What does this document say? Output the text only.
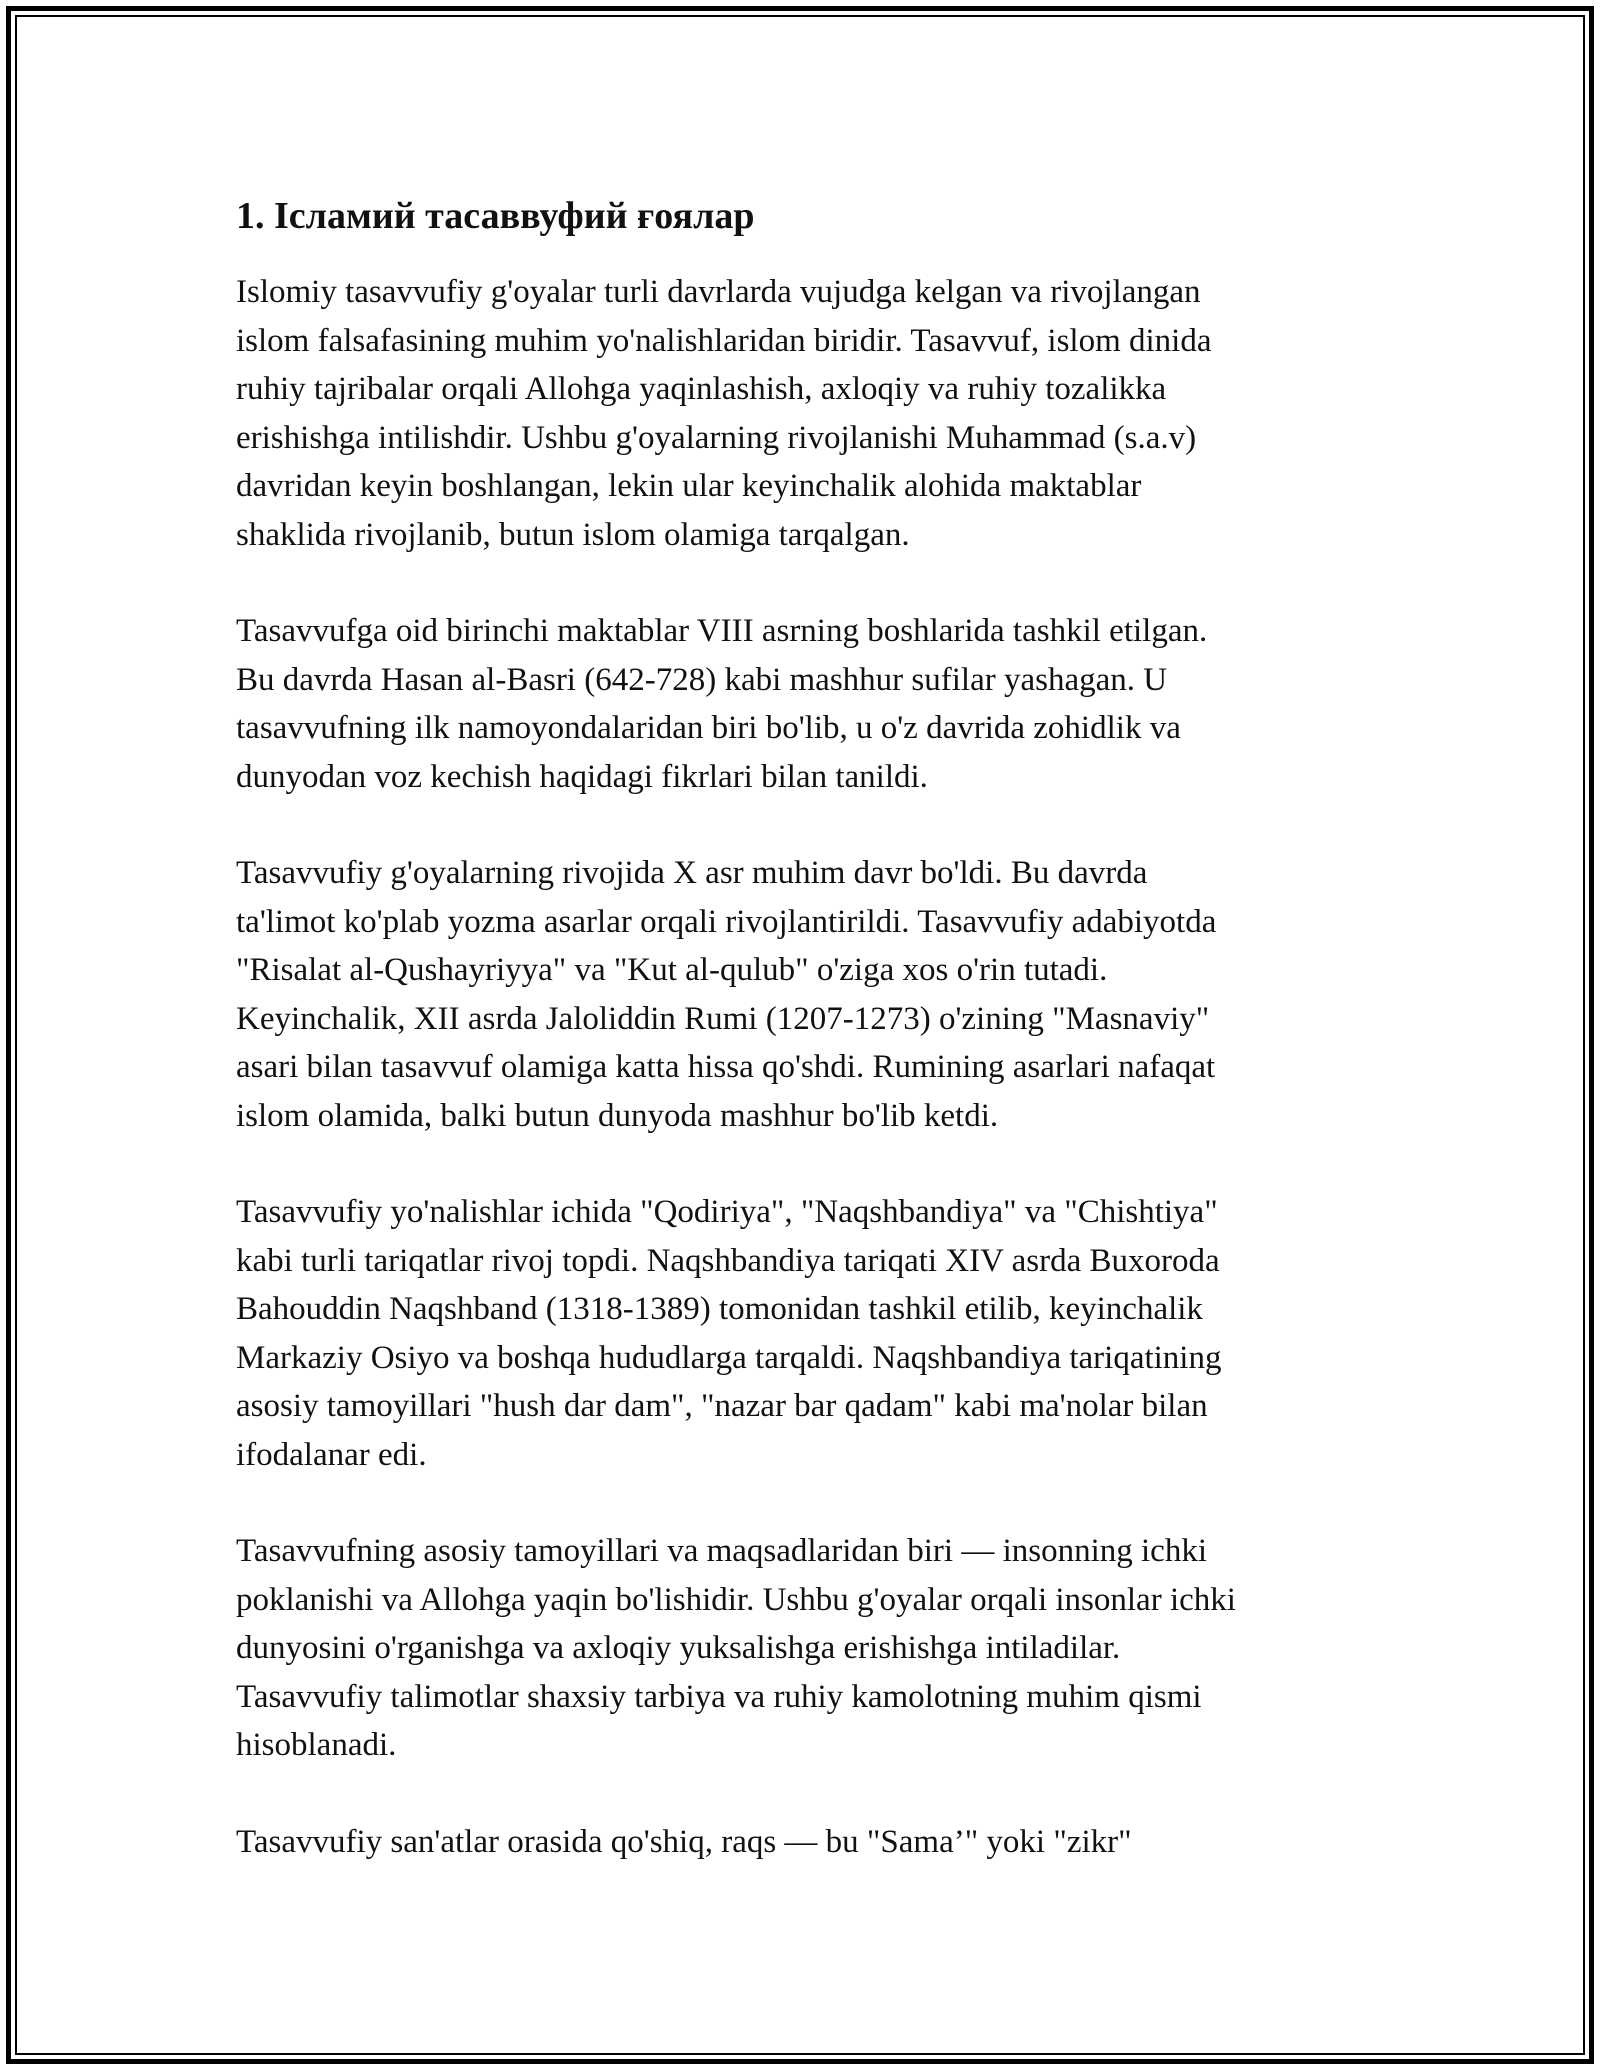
1. Іcламий тасаввуфий ғоялар
Islomiy tasavvufiy g'oyalar turli davrlarda vujudga kelgan va rivojlangan
islom falsafasining muhim yo'nalishlaridan biridir. Tasavvuf, islom dinida
ruhiy tajribalar orqali Allohga yaqinlashish, axloqiy va ruhiy tozalikka
erishishga intilishdir. Ushbu g'oyalarning rivojlanishi Muhammad (s.a.v)
davridan keyin boshlangan, lekin ular keyinchalik alohida maktablar
shaklida rivojlanib, butun islom olamiga tarqalgan.
Tasavvufga oid birinchi maktablar VIII asrning boshlarida tashkil etilgan.
Bu davrda Hasan al-Basri (642-728) kabi mashhur sufilar yashagan. U
tasavvufning ilk namoyondalaridan biri bo'lib, u o'z davrida zohidlik va
dunyodan voz kechish haqidagi fikrlari bilan tanildi.
Tasavvufiy g'oyalarning rivojida X asr muhim davr bo'ldi. Bu davrda
ta'limot ko'plab yozma asarlar orqali rivojlantirildi. Tasavvufiy adabiyotda
"Risalat al-Qushayriyya" va "Kut al-qulub" o'ziga xos o'rin tutadi.
Keyinchalik, XII asrda Jaloliddin Rumi (1207-1273) o'zining "Masnaviy"
asari bilan tasavvuf olamiga katta hissa qo'shdi. Rumining asarlari nafaqat
islom olamida, balki butun dunyoda mashhur bo'lib ketdi.
Tasavvufiy yo'nalishlar ichida "Qodiriya", "Naqshbandiya" va "Chishtiya"
kabi turli tariqatlar rivoj topdi. Naqshbandiya tariqati XIV asrda Buxoroda
Bahouddin Naqshband (1318-1389) tomonidan tashkil etilib, keyinchalik
Markaziy Osiyo va boshqa hududlarga tarqaldi. Naqshbandiya tariqatining
asosiy tamoyillari "hush dar dam", "nazar bar qadam" kabi ma'nolar bilan
ifodalanar edi.
Tasavvufning asosiy tamoyillari va maqsadlaridan biri — insonning ichki
poklanishi va Allohga yaqin bo'lishidir. Ushbu g'oyalar orqali insonlar ichki
dunyosini o'rganishga va axloqiy yuksalishga erishishga intiladilar.
Tasavvufiy talimotlar shaxsiy tarbiya va ruhiy kamolotning muhim qismi
hisoblanadi.
Tasavvufiy san'atlar orasida qo'shiq, raqs — bu "Sama’" yoki "zikr"
